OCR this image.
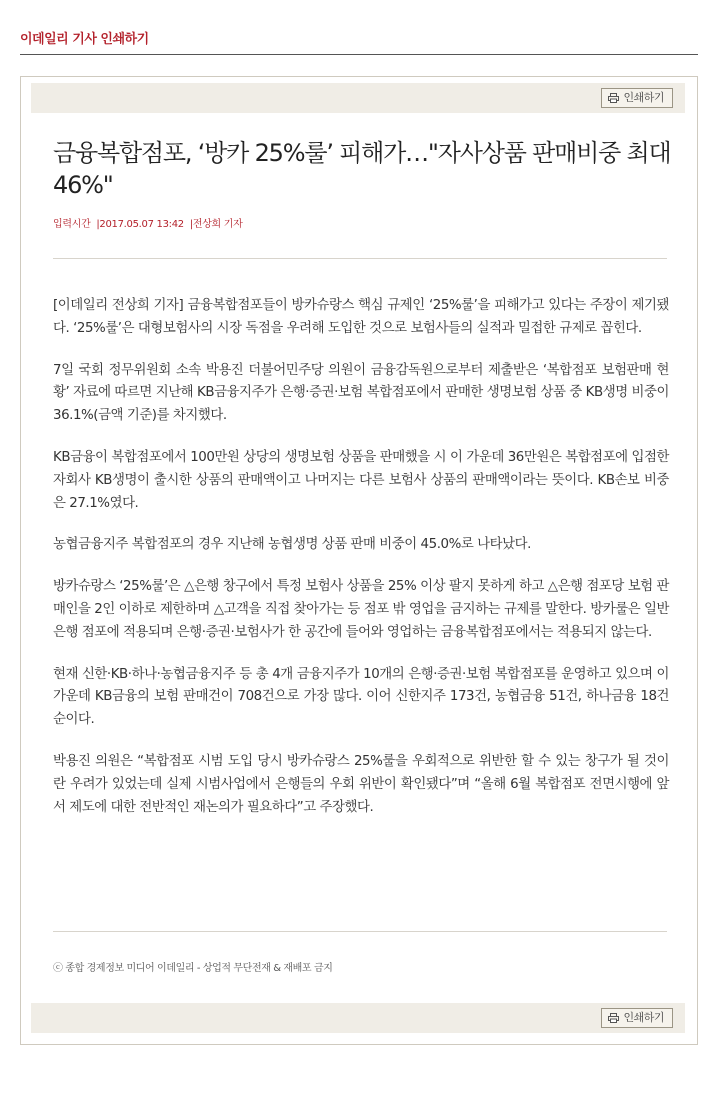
이데일리 기사 인쇄하기
인쇄하기
금융복합점포, ‘방카 25%룰’ 피해가…"자사상품 판매비중 최대 46%"
입력시간 |2017.05.07 13:42 |전상희 기자

[이데일리 전상희 기자] 금융복합점포들이 방카슈랑스 핵심 규제인 ‘25%룰’을 피해가고 있다는 주장이 제기됐다. ‘25%룰’은 대형보험사의 시장 독점을 우려해 도입한 것으로 보험사들의 실적과 밀접한 규제로 꼽힌다.

7일 국회 정무위원회 소속 박용진 더불어민주당 의원이 금융감독원으로부터 제출받은 ‘복합점포 보험판매 현황’ 자료에 따르면 지난해 KB금융지주가 은행·증권·보험 복합점포에서 판매한 생명보험 상품 중 KB생명 비중이 36.1%(금액 기준)를 차지했다.

KB금융이 복합점포에서 100만원 상당의 생명보험 상품을 판매했을 시 이 가운데 36만원은 복합점포에 입점한 자회사 KB생명이 출시한 상품의 판매액이고 나머지는 다른 보험사 상품의 판매액이라는 뜻이다. KB손보 비중은 27.1%였다.

농협금융지주 복합점포의 경우 지난해 농협생명 상품 판매 비중이 45.0%로 나타났다.

방카슈랑스 ‘25%룰’은 △은행 창구에서 특정 보험사 상품을 25% 이상 팔지 못하게 하고 △은행 점포당 보험 판매인을 2인 이하로 제한하며 △고객을 직접 찾아가는 등 점포 밖 영업을 금지하는 규제를 말한다. 방카룰은 일반 은행 점포에 적용되며 은행·증권·보험사가 한 공간에 들어와 영업하는 금융복합점포에서는 적용되지 않는다.

현재 신한·KB·하나·농협금융지주 등 총 4개 금융지주가 10개의 은행·증권·보험 복합점포를 운영하고 있으며 이 가운데 KB금융의 보험 판매건이 708건으로 가장 많다. 이어 신한지주 173건, 농협금융 51건, 하나금융 18건 순이다.

박용진 의원은 “복합점포 시범 도입 당시 방카슈랑스 25%룰을 우회적으로 위반한 할 수 있는 창구가 될 것이란 우려가 있었는데 실제 시범사업에서 은행들의 우회 위반이 확인됐다”며 “올해 6월 복합점포 전면시행에 앞서 제도에 대한 전반적인 재논의가 필요하다”고 주장했다.

ⓒ 종합 경제정보 미디어 이데일리 - 상업적 무단전재 & 재배포 금지
인쇄하기
